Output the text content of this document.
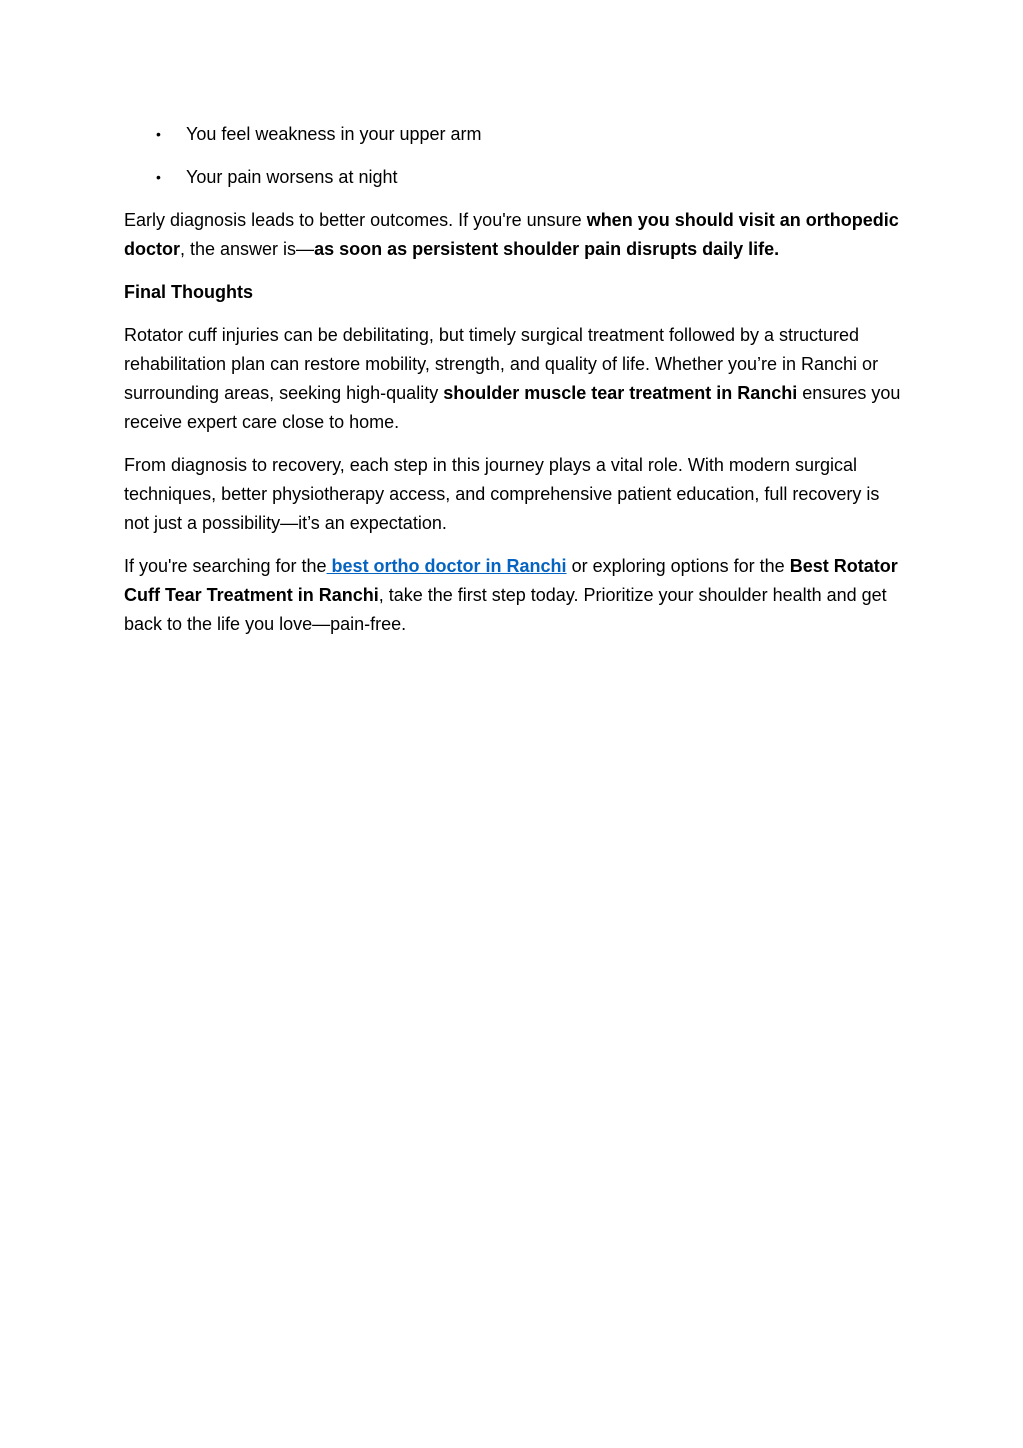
• You feel weakness in your upper arm
• Your pain worsens at night

Early diagnosis leads to better outcomes. If you're unsure when you should visit an orthopedic doctor, the answer is—as soon as persistent shoulder pain disrupts daily life.

Final Thoughts

Rotator cuff injuries can be debilitating, but timely surgical treatment followed by a structured rehabilitation plan can restore mobility, strength, and quality of life. Whether you’re in Ranchi or surrounding areas, seeking high-quality shoulder muscle tear treatment in Ranchi ensures you receive expert care close to home.

From diagnosis to recovery, each step in this journey plays a vital role. With modern surgical techniques, better physiotherapy access, and comprehensive patient education, full recovery is not just a possibility—it’s an expectation.

If you're searching for the best ortho doctor in Ranchi or exploring options for the Best Rotator Cuff Tear Treatment in Ranchi, take the first step today. Prioritize your shoulder health and get back to the life you love—pain-free.
